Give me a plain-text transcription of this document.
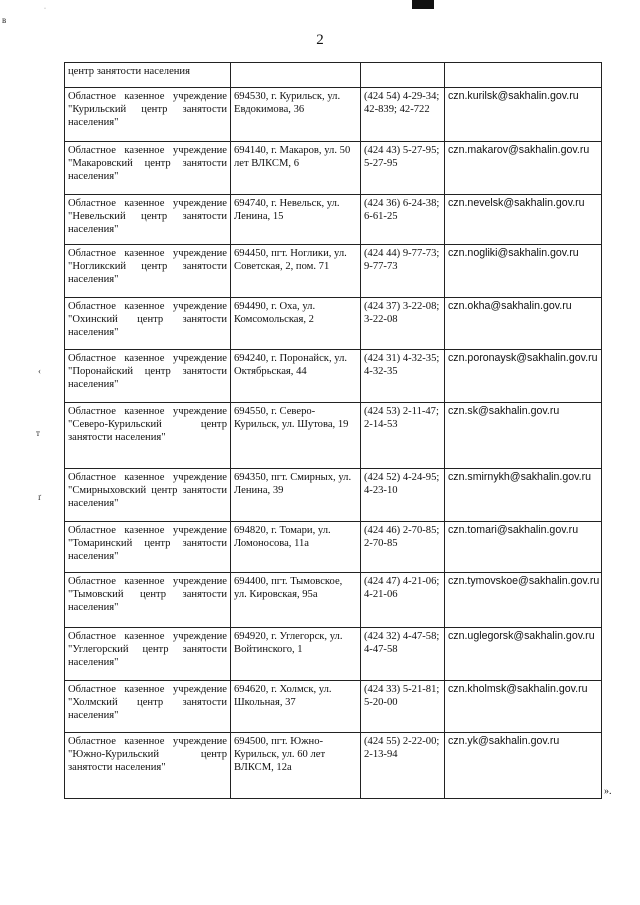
в
·
‹
т
ґ
2
центр занятости населения			
Областное казенное учреждение "Курильский центр занятости населения"	694530, г. Курильск, ул. Евдокимова, 36	(424 54) 4-29-34; 42-839; 42-722	czn.kurilsk@sakhalin.gov.ru
Областное казенное учреждение "Макаровский центр занятости населения"	694140, г. Макаров, ул. 50 лет ВЛКСМ, 6	(424 43) 5-27-95; 5-27-95	czn.makarov@sakhalin.gov.ru
Областное казенное учреждение "Невельский центр занятости населения"	694740, г. Невельск, ул. Ленина, 15	(424 36) 6-24-38; 6-61-25	czn.nevelsk@sakhalin.gov.ru
Областное казенное учреждение "Ногликский центр занятости населения"	694450, пгт. Ноглики, ул. Советская, 2, пом. 71	(424 44) 9-77-73; 9-77-73	czn.nogliki@sakhalin.gov.ru
Областное казенное учреждение "Охинский центр занятости населения"	694490, г. Оха, ул. Комсомольская, 2	(424 37) 3-22-08; 3-22-08	czn.okha@sakhalin.gov.ru
Областное казенное учреждение "Поронайский центр занятости населения"	694240, г. Поронайск, ул. Октябрьская, 44	(424 31) 4-32-35; 4-32-35	czn.poronaysk@sakhalin.gov.ru
Областное казенное учреждение "Северо-Курильский центр занятости населения"	694550, г. Северо-Курильск, ул. Шутова, 19	(424 53) 2-11-47; 2-14-53	czn.sk@sakhalin.gov.ru
Областное казенное учреждение "Смирныховский центр занятости населения"	694350, пгт. Смирных, ул. Ленина, 39	(424 52) 4-24-95; 4-23-10	czn.smirnykh@sakhalin.gov.ru
Областное казенное учреждение "Томаринский центр занятости населения"	694820, г. Томари, ул. Ломоносова, 11а	(424 46) 2-70-85; 2-70-85	czn.tomari@sakhalin.gov.ru
Областное казенное учреждение "Тымовский центр занятости населения"	694400, пгт. Тымовское, ул. Кировская, 95а	(424 47) 4-21-06; 4-21-06	czn.tymovskoe@sakhalin.gov.ru
Областное казенное учреждение "Углегорский центр занятости населения"	694920, г. Углегорск, ул. Войтинского, 1	(424 32) 4-47-58; 4-47-58	czn.uglegorsk@sakhalin.gov.ru
Областное казенное учреждение "Холмский центр занятости населения"	694620, г. Холмск, ул. Школьная, 37	(424 33) 5-21-81; 5-20-00	czn.kholmsk@sakhalin.gov.ru
Областное казенное учреждение "Южно-Курильский центр занятости населения"	694500, пгт. Южно-Курильск, ул. 60 лет ВЛКСМ, 12а	(424 55) 2-22-00; 2-13-94	czn.yk@sakhalin.gov.ru
».
